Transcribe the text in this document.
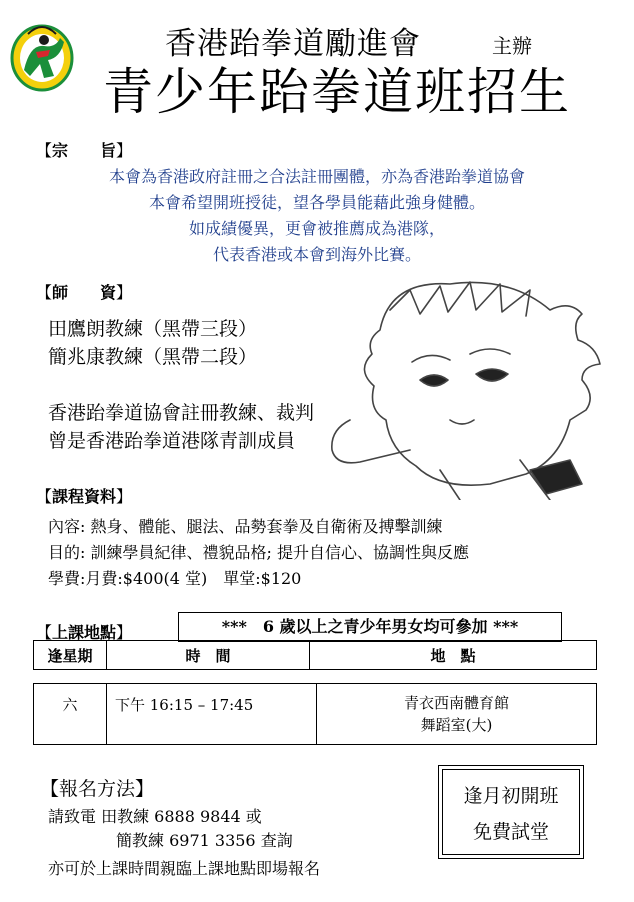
香港跆拳道勵進會	主辦
青少年跆拳道班招生
【宗　　旨】
本會為香港政府註冊之合法註冊團體，亦為香港跆拳道協會
本會希望開班授徒，望各學員能藉此強身健體。
如成績優異，更會被推薦成為港隊，
代表香港或本會到海外比賽。
【師　　資】
田鷹朗教練（黑帶三段）
簡兆康教練（黑帶二段）
香港跆拳道協會註冊教練、裁判
曾是香港跆拳道港隊青訓成員
【課程資料】
內容: 熱身、體能、腿法、品勢套拳及自衛術及搏擊訓練
目的: 訓練學員紀律、禮貌品格; 提升自信心、協調性與反應
學費:月費:$400(4 堂)　單堂:$120
【上課地點】	***　6 歲以上之青少年男女均可參加 ***
逢星期	時　間	地　點
六	下午 16:15 – 17:45	青衣西南體育館
舞蹈室(大)
【報名方法】
請致電 田教練 6888 9844 或
簡教練 6971 3356 查詢
亦可於上課時間親臨上課地點即場報名
逢月初開班
免費試堂
